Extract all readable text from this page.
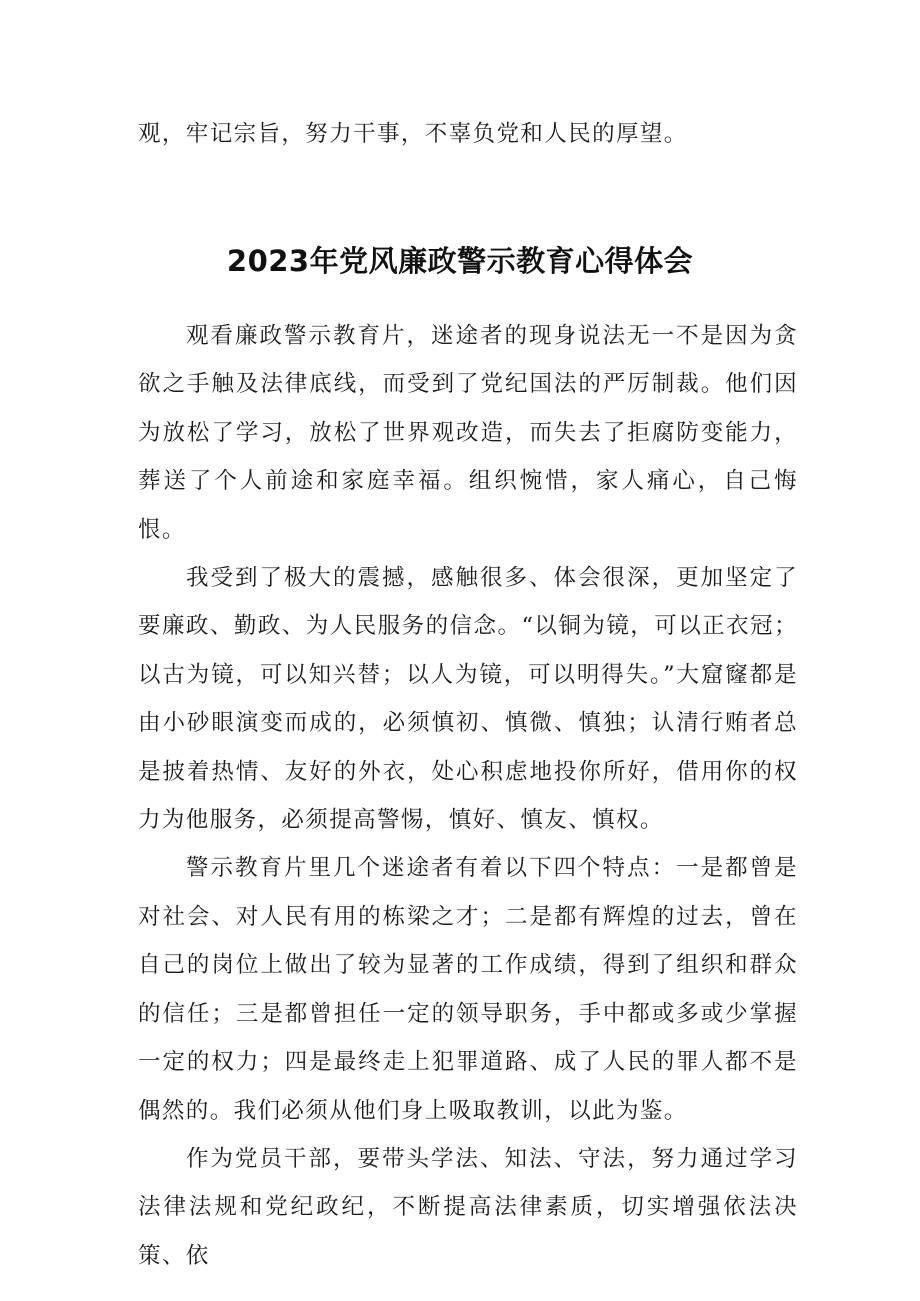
观，牢记宗旨，努力干事，不辜负党和人民的厚望。
2023年党风廉政警示教育心得体会

观看廉政警示教育片，迷途者的现身说法无一不是因为贪欲之手触及法律底线，而受到了党纪国法的严厉制裁。他们因为放松了学习，放松了世界观改造，而失去了拒腐防变能力，葬送了个人前途和家庭幸福。组织惋惜，家人痛心，自己悔恨。

我受到了极大的震撼，感触很多、体会很深，更加坚定了要廉政、勤政、为人民服务的信念。“以铜为镜，可以正衣冠；以古为镜，可以知兴替；以人为镜，可以明得失。”大窟窿都是由小砂眼演变而成的，必须慎初、慎微、慎独；认清行贿者总是披着热情、友好的外衣，处心积虑地投你所好，借用你的权力为他服务，必须提高警惕，慎好、慎友、慎权。

警示教育片里几个迷途者有着以下四个特点：一是都曾是对社会、对人民有用的栋梁之才；二是都有辉煌的过去，曾在自己的岗位上做出了较为显著的工作成绩，得到了组织和群众的信任；三是都曾担任一定的领导职务，手中都或多或少掌握一定的权力；四是最终走上犯罪道路、成了人民的罪人都不是偶然的。我们必须从他们身上吸取教训，以此为鉴。

作为党员干部，要带头学法、知法、守法，努力通过学习法律法规和党纪政纪，不断提高法律素质，切实增强依法决策、依
